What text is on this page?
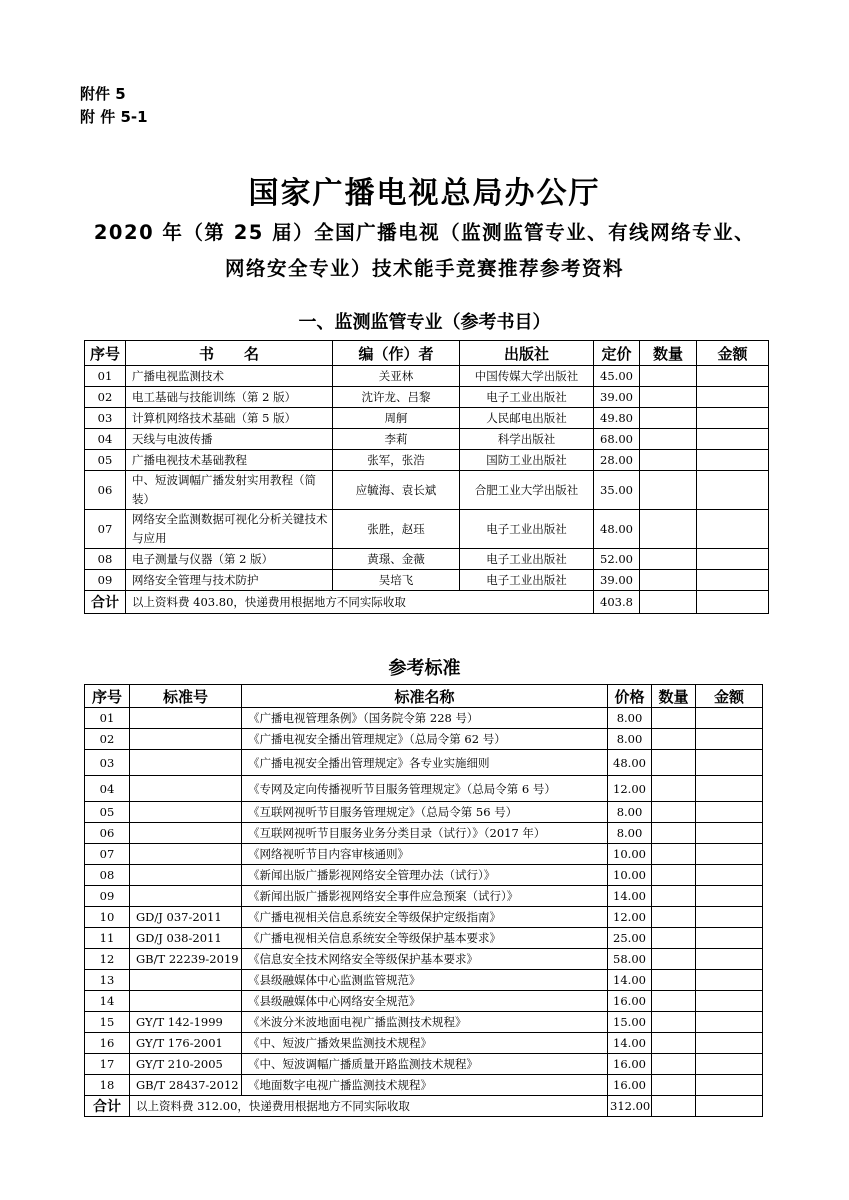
附件 5
附 件 5-1
国家广播电视总局办公厅
2020 年（第 25 届）全国广播电视（监测监管专业、有线网络专业、
网络安全专业）技术能手竞赛推荐参考资料
一、监测监管专业（参考书目）
序号	书　　名	编（作）者	出版社	定价	数量	金额
01	广播电视监测技术	关亚林	中国传媒大学出版社	45.00		
02	电工基础与技能训练（第 2 版）	沈许龙、吕黎	电子工业出版社	39.00		
03	计算机网络技术基础（第 5 版）	周舸	人民邮电出版社	49.80		
04	天线与电波传播	李莉	科学出版社	68.00		
05	广播电视技术基础教程	张军，张浩	国防工业出版社	28.00		
06	中、短波调幅广播发射实用教程（简装）	应毓海、袁长斌	合肥工业大学出版社	35.00		
07	网络安全监测数据可视化分析关键技术与应用	张胜，赵珏	电子工业出版社	48.00		
08	电子测量与仪器（第 2 版）	黄璟、金薇	电子工业出版社	52.00		
09	网络安全管理与技术防护	吴培飞	电子工业出版社	39.00		
合计	以上资料费 403.80，快递费用根据地方不同实际收取			403.8		
参考标准
序号	标准号	标准名称	价格	数量	金额
01		《广播电视管理条例》（国务院令第 228 号）	8.00		
02		《广播电视安全播出管理规定》（总局令第 62 号）	8.00		
03		《广播电视安全播出管理规定》各专业实施细则	48.00		
04		《专网及定向传播视听节目服务管理规定》（总局令第 6 号）	12.00		
05		《互联网视听节目服务管理规定》（总局令第 56 号）	8.00		
06		《互联网视听节目服务业务分类目录（试行）》（2017 年）	8.00		
07		《网络视听节目内容审核通则》	10.00		
08		《新闻出版广播影视网络安全管理办法（试行）》	10.00		
09		《新闻出版广播影视网络安全事件应急预案（试行）》	14.00		
10	GD/J 037-2011	《广播电视相关信息系统安全等级保护定级指南》	12.00		
11	GD/J 038-2011	《广播电视相关信息系统安全等级保护基本要求》	25.00		
12	GB/T 22239-2019	《信息安全技术网络安全等级保护基本要求》	58.00		
13		《县级融媒体中心监测监管规范》	14.00		
14		《县级融媒体中心网络安全规范》	16.00		
15	GY/T 142-1999	《米波分米波地面电视广播监测技术规程》	15.00		
16	GY/T 176-2001	《中、短波广播效果监测技术规程》	14.00		
17	GY/T 210-2005	《中、短波调幅广播质量开路监测技术规程》	16.00		
18	GB/T 28437-2012	《地面数字电视广播监测技术规程》	16.00		
合计	以上资料费 312.00，快递费用根据地方不同实际收取		312.00		
